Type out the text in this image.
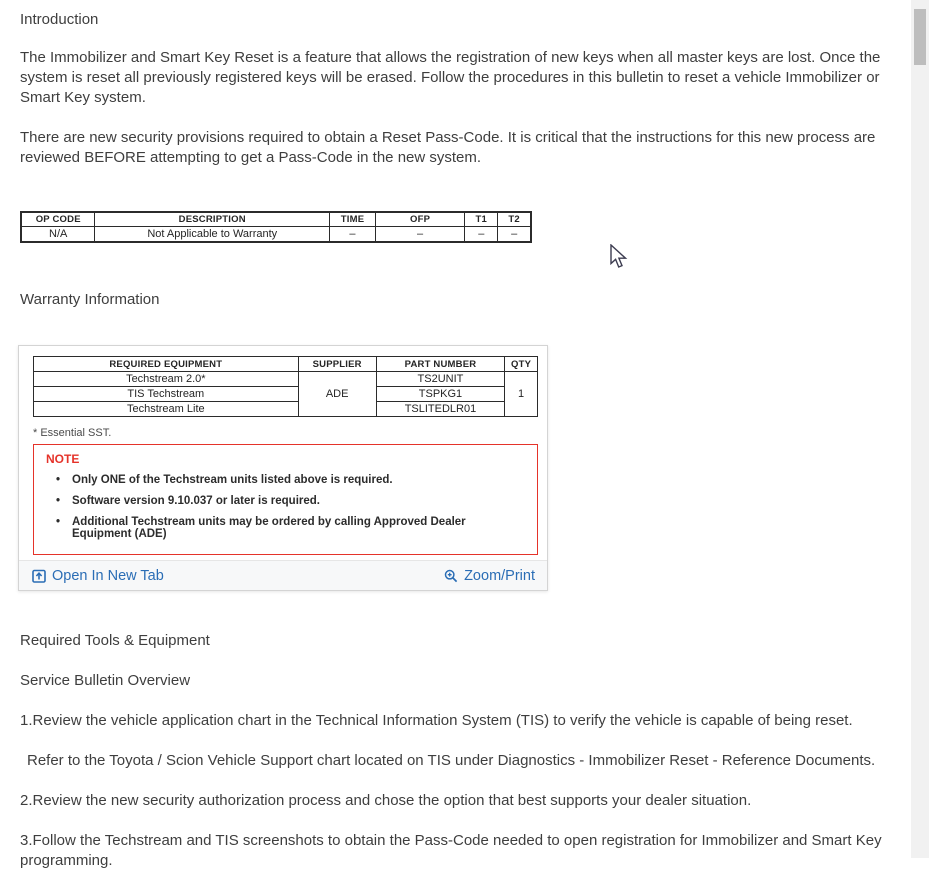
Introduction

The Immobilizer and Smart Key Reset is a feature that allows the registration of new keys when all master keys are lost. Once the system is reset all previously registered keys will be erased. Follow the procedures in this bulletin to reset a vehicle Immobilizer or Smart Key system.

There are new security provisions required to obtain a Reset Pass-Code. It is critical that the instructions for this new process are reviewed BEFORE attempting to get a Pass-Code in the new system.

OP CODE	DESCRIPTION	TIME	OFP	T1	T2
N/A	Not Applicable to Warranty	–	–	–	–

Warranty Information

REQUIRED EQUIPMENT	SUPPLIER	PART NUMBER	QTY
Techstream 2.0*	ADE	TS2UNIT	1
TIS Techstream		TSPKG1	
Techstream Lite		TSLITEDLR01	
* Essential SST.
NOTE
•	Only ONE of the Techstream units listed above is required.
•	Software version 9.10.037 or later is required.
•	Additional Techstream units may be ordered by calling Approved Dealer Equipment (ADE)
Open In New Tab	Zoom/Print

Required Tools & Equipment

Service Bulletin Overview

1.Review the vehicle application chart in the Technical Information System (TIS) to verify the vehicle is capable of being reset.

Refer to the Toyota / Scion Vehicle Support chart located on TIS under Diagnostics - Immobilizer Reset - Reference Documents.

2.Review the new security authorization process and chose the option that best supports your dealer situation.

3.Follow the Techstream and TIS screenshots to obtain the Pass-Code needed to open registration for Immobilizer and Smart Key programming.
